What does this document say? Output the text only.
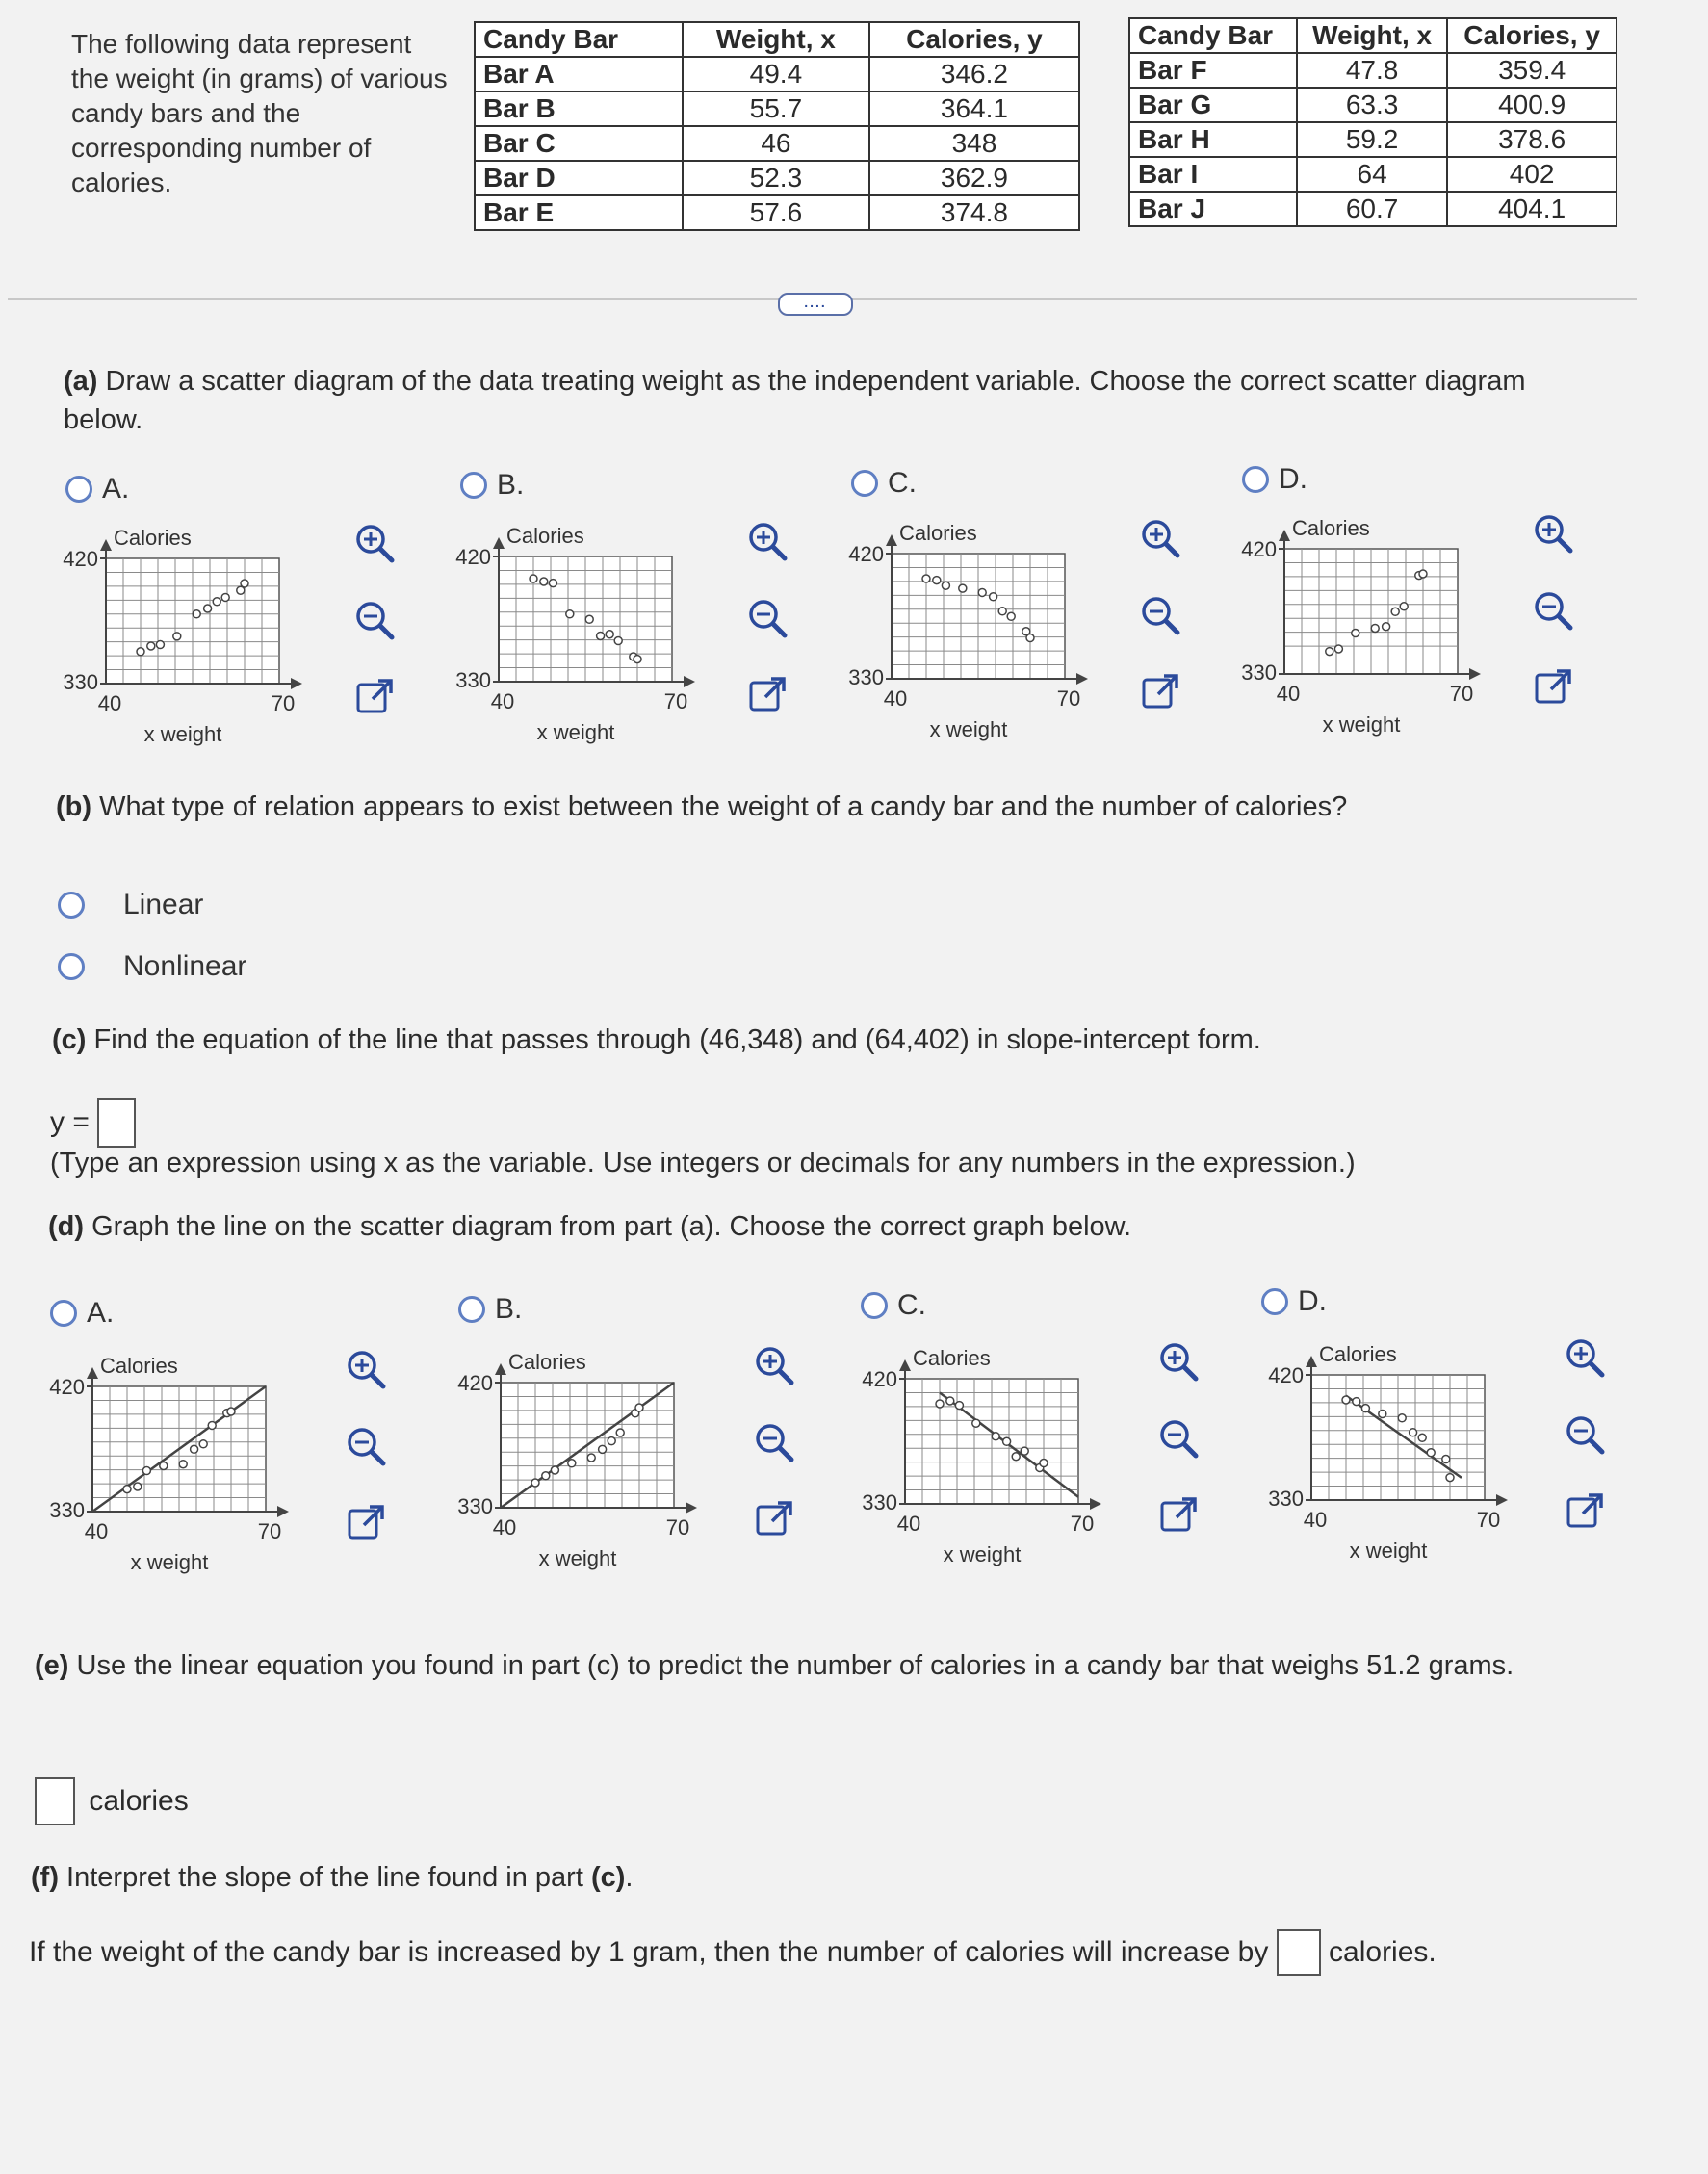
The following data represent the weight (in grams) of various candy bars and the corresponding number of calories.
Candy Bar	Weight, x	Calories, y
Bar A	49.4	346.2
Bar B	55.7	364.1
Bar C	46	348
Bar D	52.3	362.9
Bar E	57.6	374.8
Candy Bar	Weight, x	Calories, y
Bar F	47.8	359.4
Bar G	63.3	400.9
Bar H	59.2	378.6
Bar I	64	402
Bar J	60.7	404.1
....
(a) Draw a scatter diagram of the data treating weight as the independent variable. Choose the correct scatter diagram below.
A.	B.	C.	D.
Calories
420
330
40	70
x weight
Calories
420
330
40	70
x weight
Calories
420
330
40	70
x weight
Calories
420
330
40	70
x weight
(b) What type of relation appears to exist between the weight of a candy bar and the number of calories?
Linear
Nonlinear
(c) Find the equation of the line that passes through (46,348) and (64,402) in slope-intercept form.
y =
(Type an expression using x as the variable. Use integers or decimals for any numbers in the expression.)
(d) Graph the line on the scatter diagram from part (a). Choose the correct graph below.
A.	B.	C.	D.
Calories
420
330
40	70
x weight
Calories
420
330
40	70
x weight
Calories
420
330
40	70
x weight
Calories
420
330
40	70
x weight
(e) Use the linear equation you found in part (c) to predict the number of calories in a candy bar that weighs 51.2 grams.
calories
(f) Interpret the slope of the line found in part (c).
If the weight of the candy bar is increased by 1 gram, then the number of calories will increase by calories.
